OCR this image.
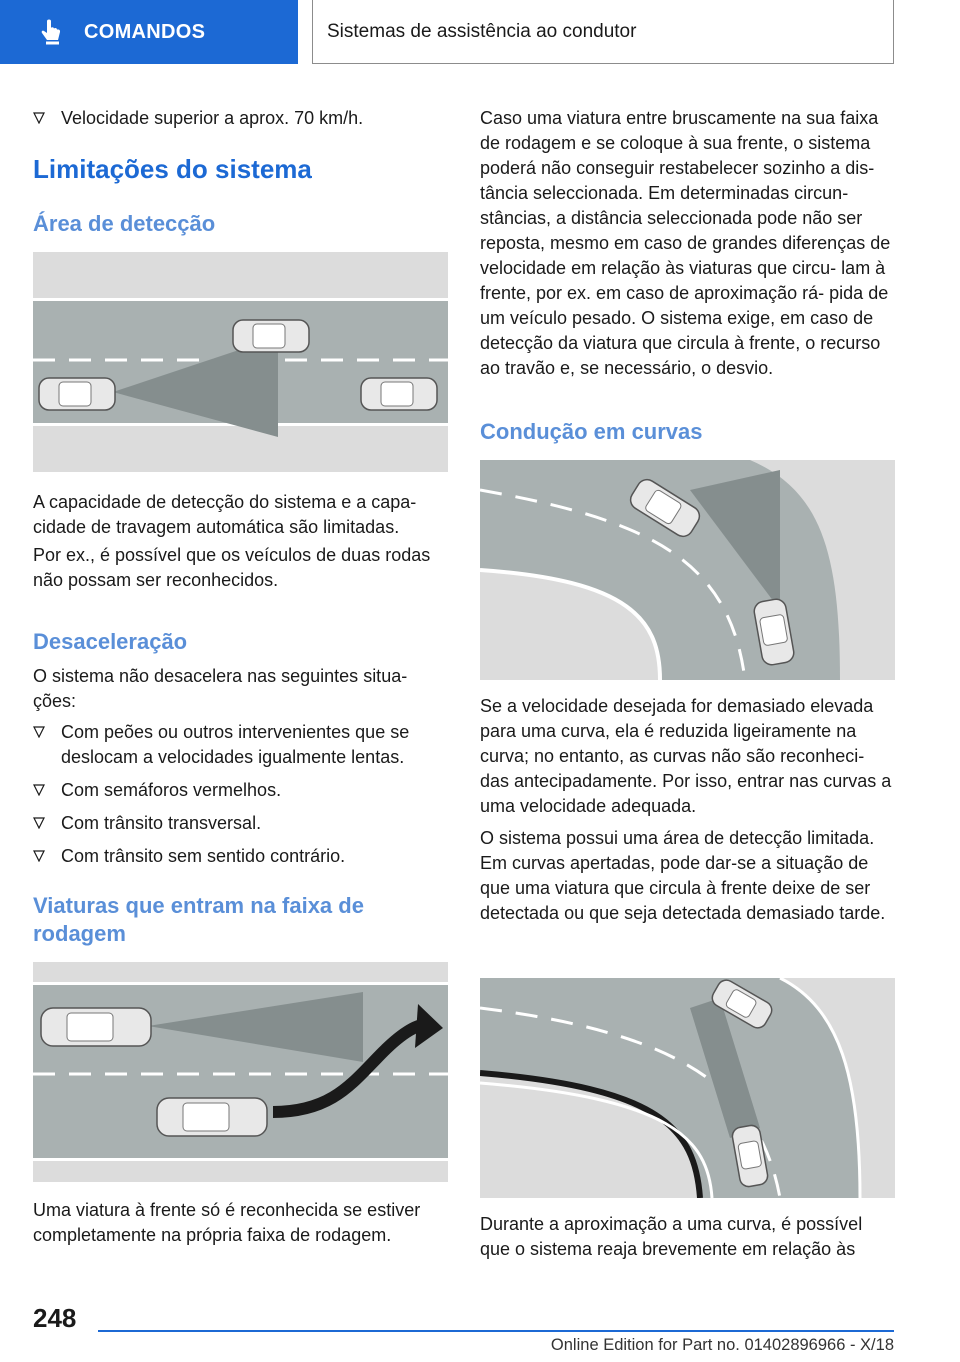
COMANDOS	Sistemas de assistência ao condutor
Velocidade superior a aprox. 70 km/h.
Limitações do sistema
Área de detecção
A capacidade de detecção do sistema e a capa‐ cidade de travagem automática são limitadas.
Por ex., é possível que os veículos de duas rodas não possam ser reconhecidos.
Desaceleração
O sistema não desacelera nas seguintes situa‐ ções:
Com peões ou outros intervenientes que se deslocam a velocidades igualmente lentas.
Com semáforos vermelhos.
Com trânsito transversal.
Com trânsito sem sentido contrário.
Viaturas que entram na faixa de rodagem
Uma viatura à frente só é reconhecida se estiver completamente na própria faixa de rodagem.
Caso uma viatura entre bruscamente na sua faixa de rodagem e se coloque à sua frente, o sistema poderá não conseguir restabelecer sozinho a dis‐ tância seleccionada. Em determinadas circun‐ stâncias, a distância seleccionada pode não ser reposta, mesmo em caso de grandes diferenças de velocidade em relação às viaturas que circu‐ lam à frente, por ex. em caso de aproximação rá‐ pida de um veículo pesado. O sistema exige, em caso de detecção da viatura que circula à frente, o recurso ao travão e, se necessário, o desvio.
Condução em curvas
Se a velocidade desejada for demasiado elevada para uma curva, ela é reduzida ligeiramente na curva; no entanto, as curvas não são reconheci‐ das antecipadamente. Por isso, entrar nas curvas a uma velocidade adequada.
O sistema possui uma área de detecção limitada. Em curvas apertadas, pode dar-se a situação de que uma viatura que circula à frente deixe de ser detectada ou que seja detectada demasiado tarde.
Durante a aproximação a uma curva, é possível que o sistema reaja brevemente em relação às
248
Online Edition for Part no. 01402896966 - X/18
